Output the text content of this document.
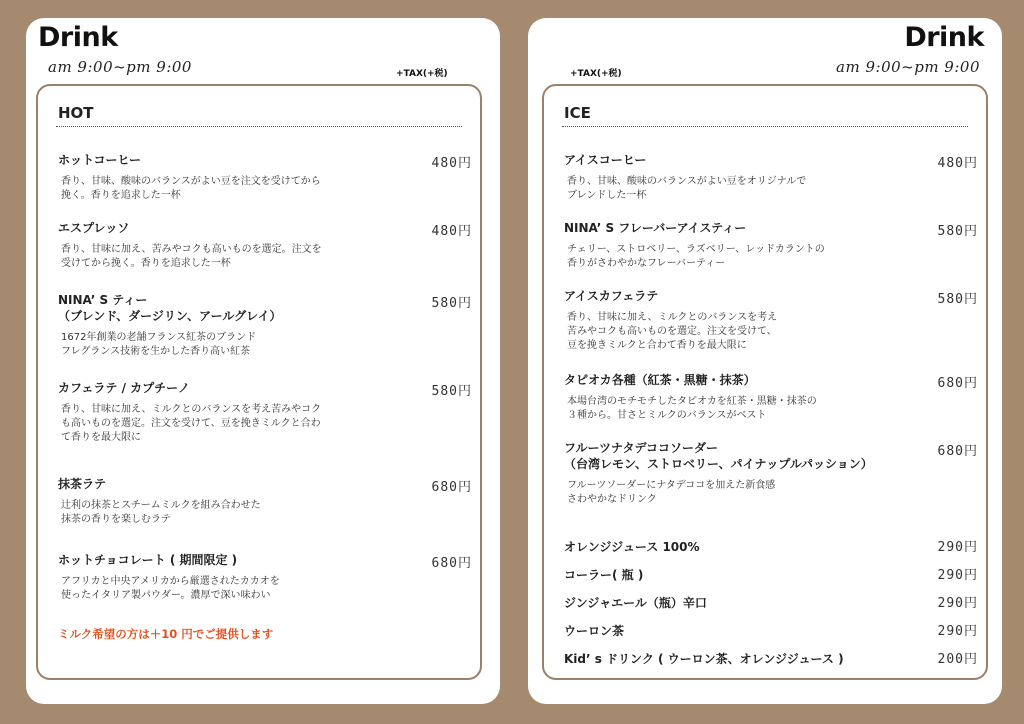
Drink
am 9:00~pm 9:00	+TAX(+税)
HOT
ホットコーヒー	480円
香り、甘味、酸味のバランスがよい豆を注文を受けてから
挽く。香りを追求した一杯
エスプレッソ	480円
香り、甘味に加え、苦みやコクも高いものを選定。注文を
受けてから挽く。香りを追求した一杯
NINA’ S ティー
（ブレンド、ダージリン、アールグレイ）
580円
1672年創業の老舗フランス紅茶のブランド
フレグランス技術を生かした香り高い紅茶
カフェラテ / カプチーノ	580円
香り、甘味に加え、ミルクとのバランスを考え苦みやコク
も高いものを選定。注文を受けて、豆を挽きミルクと合わ
て香りを最大限に
抹茶ラテ	680円
辻利の抹茶とスチームミルクを組み合わせた
抹茶の香りを楽しむラテ
ホットチョコレート ( 期間限定 )	680円
アフリカと中央アメリカから厳選されたカカオを
使ったイタリア製パウダー。濃厚で深い味わい
ミルク希望の方は＋10 円でご提供します
Drink
am 9:00~pm 9:00
+TAX(+税)
ICE
アイスコーヒー	480円
香り、甘味、酸味のバランスがよい豆をオリジナルで
ブレンドした一杯
NINA’ S フレーバーアイスティー	580円
チェリー、ストロベリー、ラズベリー、レッドカラントの
香りがさわやかなフレーバーティー
アイスカフェラテ	580円
香り、甘味に加え、ミルクとのバランスを考え
苦みやコクも高いものを選定。注文を受けて、
豆を挽きミルクと合わて香りを最大限に
タピオカ各種（紅茶・黒糖・抹茶）	680円
本場台湾のモチモチしたタピオカを紅茶・黒糖・抹茶の
３種から。甘さとミルクのバランスがベスト
フルーツナタデココソーダー
（台湾レモン、ストロベリー、パイナップルパッション）
680円
フルーツソーダーにナタデココを加えた新食感
さわやかなドリンク
オレンジジュース 100%	290円
コーラー( 瓶 )	290円
ジンジャエール（瓶）辛口	290円
ウーロン茶	290円
Kid’ s ドリンク ( ウーロン茶、オレンジジュース )	200円
